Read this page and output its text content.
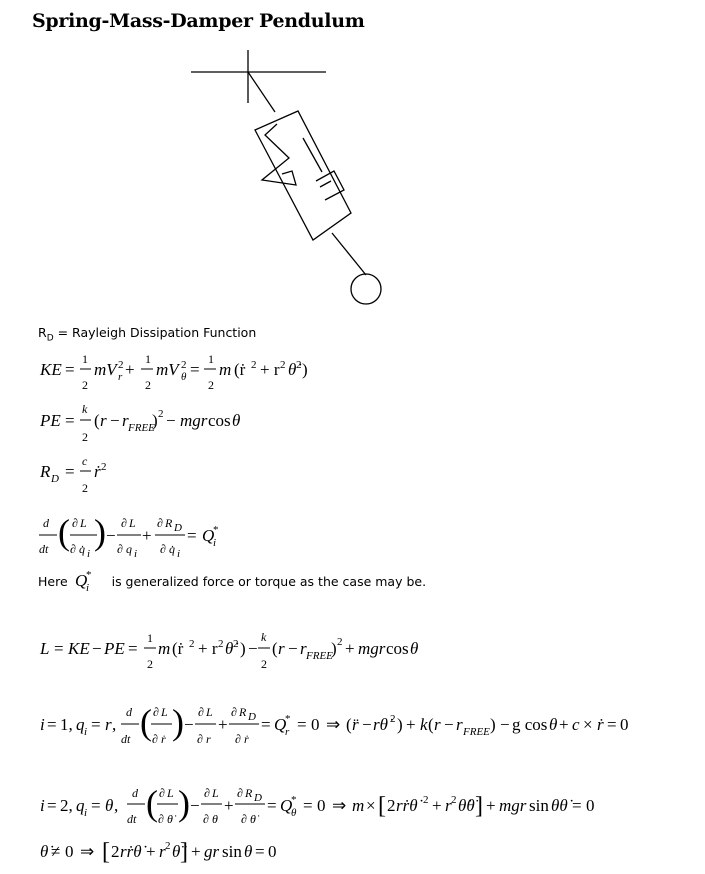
Spring-Mass-Damper Pendulum
$R_D$ = Rayleigh Dissipation Function
Here	is generalized force or torque as the case may be.
KE =
1
2
mV 2
r +
1
2
mV 2
θ =
1
2
m (ṙ 2 + r 2 θ̇ 2 )
PE =
k
2
( r − r FREE
) 2 − mgr cos θ
R D =
c
2
ṙ 2
d
dt ( ∂ L
∂ q̇ i
) −
∂ L
∂ q i
+
∂ R D
∂ q̇ i
= Q
*
i
Q
*
i
L = KE − PE =
1
2
m (ṙ 2 + r 2 θ̇ 2 ) −
k
2
( r − r FREE
) 2 + mgr cos θ
i = 1, q i = r ,
d
dt ( ∂ L
∂ ṙ ) −
∂ L
∂ r
+
∂ R D
∂ ṙ
= Q
*
r = 0 ⇒ ( r̈ − rθ̇ 2 ) + k ( r − r FREE ) − g cos θ + c × ṙ = 0
i = 2, q i = θ ,
d
dt ( ∂ L
∂ θ̇ ) −
∂ L
∂ θ
+
∂ R D
∂ θ̇
= Q
*
θ = 0 ⇒ m × [ 2 rṙθ̇ 2 + r 2 θ̇θ̈ ] + mgr sin θθ̇ = 0
θ̇ ≠ 0 ⇒ [ 2 rṙθ̇ + r 2 θ̈ ] + gr sin θ = 0
